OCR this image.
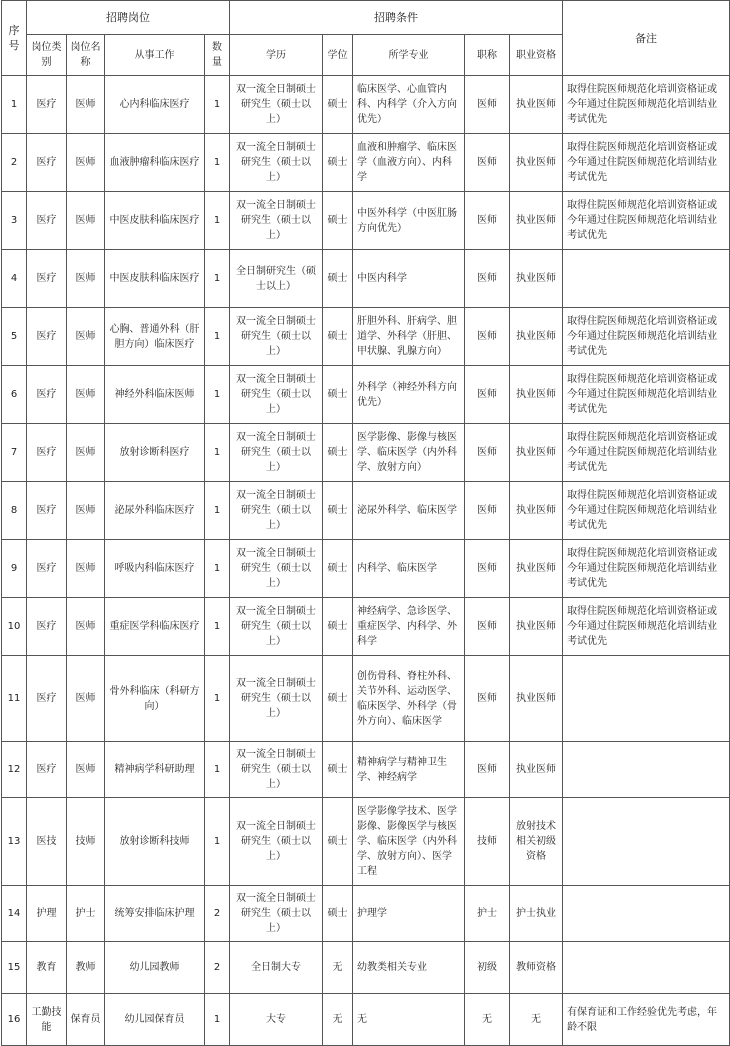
序号	招聘岗位				招聘条件					备注
	岗位类别	岗位名称	从事工作	数量	学历	学位	所学专业	职称	职业资格	
1	医疗	医师	心内科临床医疗	1	双一流全日制硕士研究生（硕士以上）	硕士	临床医学、心血管内科、内科学（介入方向优先）	医师	执业医师	取得住院医师规范化培训资格证或今年通过住院医师规范化培训结业考试优先
2	医疗	医师	血液肿瘤科临床医疗	1	双一流全日制硕士研究生（硕士以上）	硕士	血液和肿瘤学、临床医学（血液方向）、内科学	医师	执业医师	取得住院医师规范化培训资格证或今年通过住院医师规范化培训结业考试优先
3	医疗	医师	中医皮肤科临床医疗	1	双一流全日制硕士研究生（硕士以上）	硕士	中医外科学（中医肛肠方向优先）	医师	执业医师	取得住院医师规范化培训资格证或今年通过住院医师规范化培训结业考试优先
4	医疗	医师	中医皮肤科临床医疗	1	全日制研究生（硕士以上）	硕士	中医内科学	医师	执业医师	
5	医疗	医师	心胸、普通外科（肝胆方向）临床医疗	1	双一流全日制硕士研究生（硕士以上）	硕士	肝胆外科、肝病学、胆道学、外科学（肝胆、甲状腺、乳腺方向）	医师	执业医师	取得住院医师规范化培训资格证或今年通过住院医师规范化培训结业考试优先
6	医疗	医师	神经外科临床医师	1	双一流全日制硕士研究生（硕士以上）	硕士	外科学（神经外科方向优先）	医师	执业医师	取得住院医师规范化培训资格证或今年通过住院医师规范化培训结业考试优先
7	医疗	医师	放射诊断科医疗	1	双一流全日制硕士研究生（硕士以上）	硕士	医学影像、影像与核医学、临床医学（内外科学、放射方向）	医师	执业医师	取得住院医师规范化培训资格证或今年通过住院医师规范化培训结业考试优先
8	医疗	医师	泌尿外科临床医疗	1	双一流全日制硕士研究生（硕士以上）	硕士	泌尿外科学、临床医学	医师	执业医师	取得住院医师规范化培训资格证或今年通过住院医师规范化培训结业考试优先
9	医疗	医师	呼吸内科临床医疗	1	双一流全日制硕士研究生（硕士以上）	硕士	内科学、临床医学	医师	执业医师	取得住院医师规范化培训资格证或今年通过住院医师规范化培训结业考试优先
10	医疗	医师	重症医学科临床医疗	1	双一流全日制硕士研究生（硕士以上）	硕士	神经病学、急诊医学、重症医学、内科学、外科学	医师	执业医师	取得住院医师规范化培训资格证或今年通过住院医师规范化培训结业考试优先
11	医疗	医师	骨外科临床（科研方向）	1	双一流全日制硕士研究生（硕士以上）	硕士	创伤骨科、脊柱外科、关节外科、运动医学、临床医学、外科学（骨外方向）、临床医学	医师	执业医师	
12	医疗	医师	精神病学科研助理	1	双一流全日制硕士研究生（硕士以上）	硕士	精神病学与精神卫生学、神经病学	医师	执业医师	
13	医技	技师	放射诊断科技师	1	双一流全日制硕士研究生（硕士以上）	硕士	医学影像学技术、医学影像、影像医学与核医学、临床医学（内外科学、放射方向）、医学工程	技师	放射技术相关初级资格	
14	护理	护士	统筹安排临床护理	2	双一流全日制硕士研究生（硕士以上）	硕士	护理学	护士	护士执业	
15	教育	教师	幼儿园教师	2	全日制大专	无	幼教类相关专业	初级	教师资格	
16	工勤技能	保育员	幼儿园保育员	1	大专	无	无	无	无	有保育证和工作经验优先考虑，年龄不限
